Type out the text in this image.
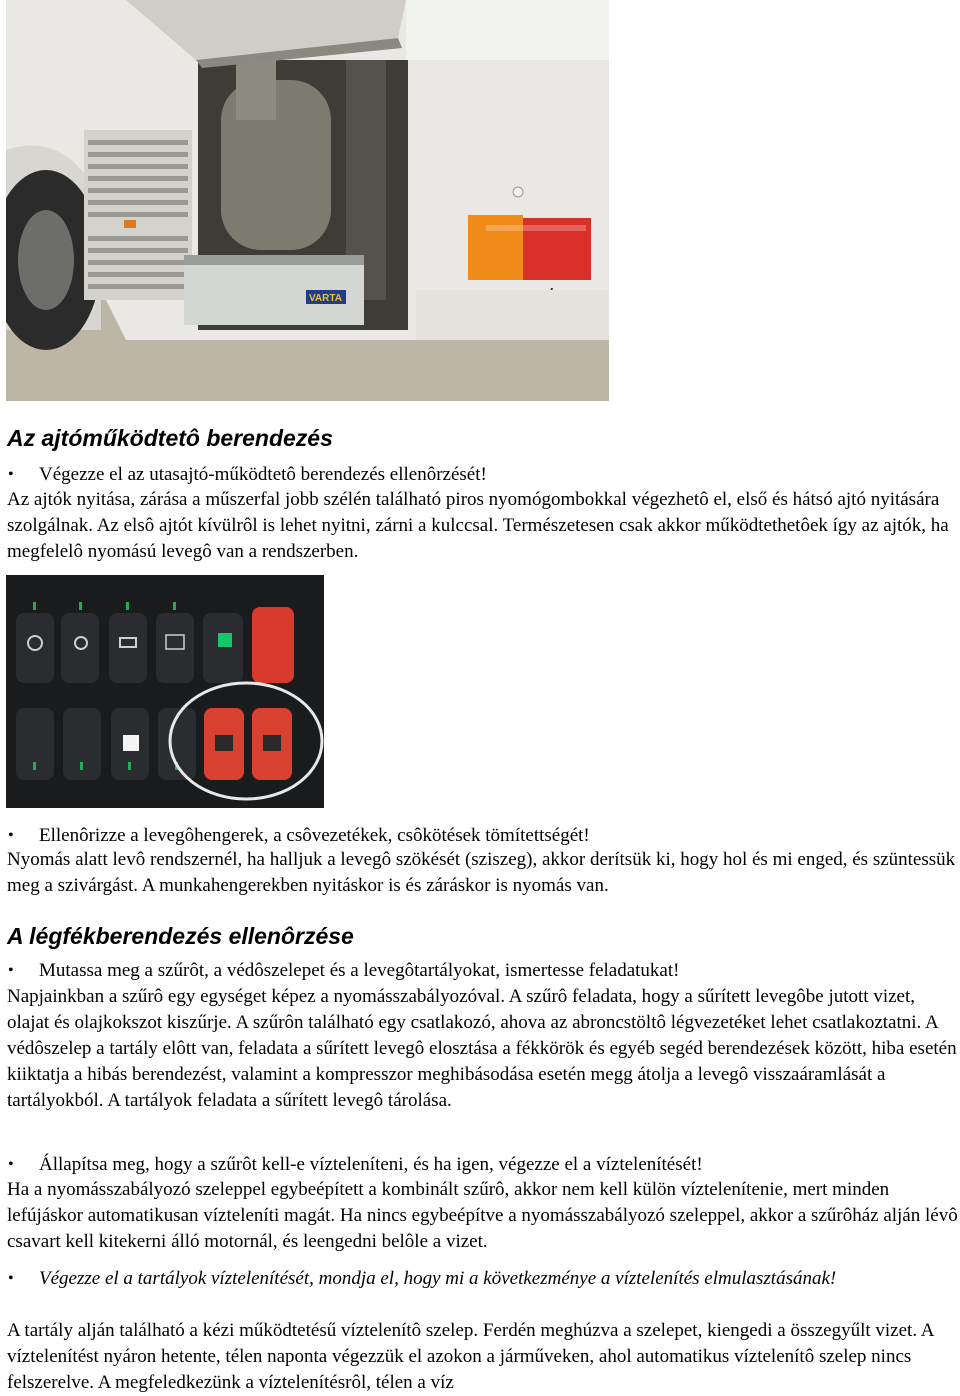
VARTA
Az ajtóműködtetô berendezés

• Végezze el az utasajtó-működtetô berendezés ellenôrzését!

Az ajtók nyitása, zárása a műszerfal jobb szélén található piros nyomógombokkal végezhetô el, első és hátsó ajtó nyitására szolgálnak. Az elsô ajtót kívülrôl is lehet nyitni, zárni a kulccsal. Természetesen csak akkor működtethetôek így az ajtók, ha megfelelô nyomású levegô van a rendszerben.

• Ellenôrizze a levegôhengerek, a csôvezetékek, csôkötések tömítettségét!

Nyomás alatt levô rendszernél, ha halljuk a levegô szökését (sziszeg), akkor derítsük ki, hogy hol és mi enged, és szüntessük meg a szivárgást. A munkahengerekben nyitáskor is és záráskor is nyomás van.

A légfékberendezés ellenôrzése

• Mutassa meg a szűrôt, a védôszelepet és a levegôtartályokat, ismertesse feladatukat!

Napjainkban a szűrô egy egységet képez a nyomásszabályozóval. A szűrô feladata, hogy a sűrített levegôbe jutott vizet, olajat és olajkokszot kiszűrje. A szűrôn található egy csatlakozó, ahova az abroncstöltô légvezetéket lehet csatlakoztatni. A védôszelep a tartály elôtt van, feladata a sűrített levegô elosztása a fékkörök és egyéb segéd berendezések között, hiba esetén kiiktatja a hibás berendezést, valamint a kompresszor meghibásodása esetén megg átolja a levegô visszaáramlását a tartályokból. A tartályok feladata a sűrített levegô tárolása.

• Állapítsa meg, hogy a szűrôt kell-e vízteleníteni, és ha igen, végezze el a víztelenítését!

Ha a nyomásszabályozó szeleppel egybeépített a kombinált szűrô, akkor nem kell külön víztelenítenie, mert minden lefújáskor automatikusan vízteleníti magát. Ha nincs egybeépítve a nyomásszabályozó szeleppel, akkor a szűrôház alján lévô csavart kell kitekerni álló motornál, és leengedni belôle a vizet.

• Végezze el a tartályok víztelenítését, mondja el, hogy mi a következménye a víztelenítés elmulasztásának!

A tartály alján található a kézi működtetésű víztelenítô szelep. Ferdén meghúzva a szelepet, kiengedi a összegyűlt vizet. A víztelenítést nyáron hetente, télen naponta végezzük el azokon a járműveken, ahol automatikus víztelenítô szelep nincs felszerelve. A megfeledkezünk a víztelenítésrôl, télen a víz
